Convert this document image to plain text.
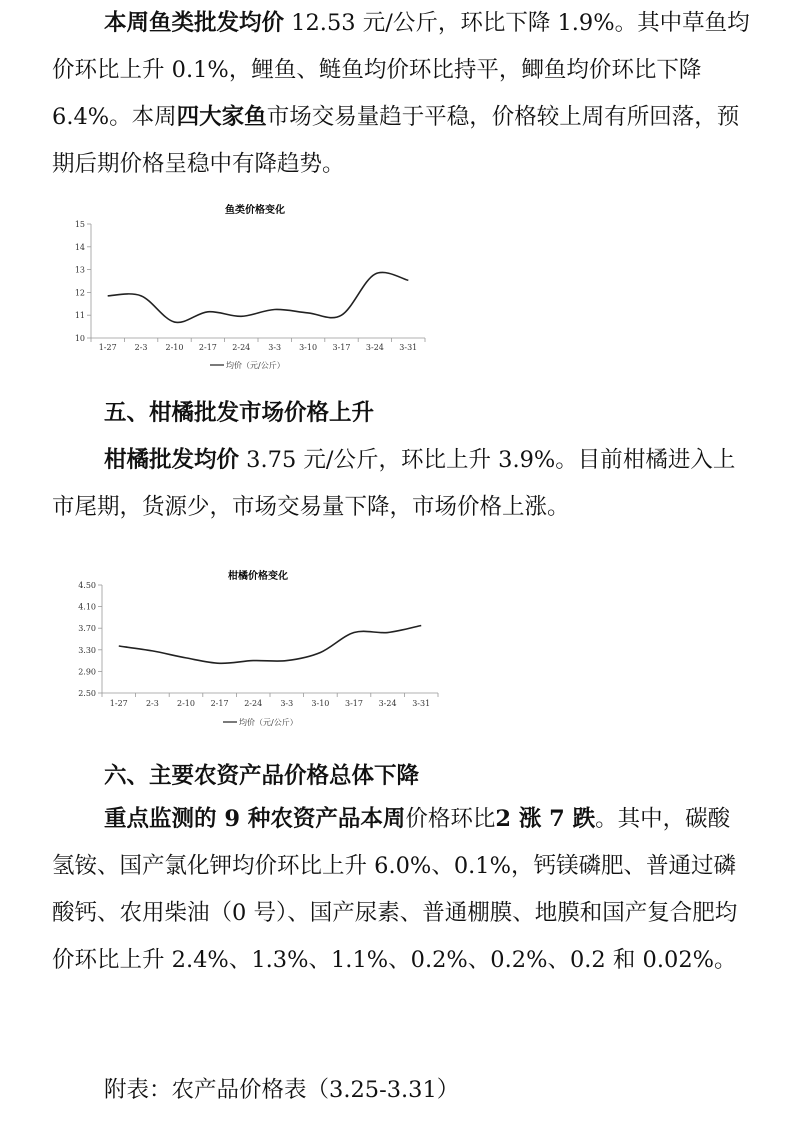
本周鱼类批发均价 12.53 元/公斤，环比下降 1.9%。其中草鱼均价环比上升 0.1%，鲤鱼、鲢鱼均价环比持平，鲫鱼均价环比下降 6.4%。本周四大家鱼市场交易量趋于平稳，价格较上周有所回落，预期后期价格呈稳中有降趋势。

鱼类价格变化
10
11
12
13
14
15
1-27 2-3 2-10 2-17 2-24 3-3 3-10 3-17 3-24 3-31
均价（元/公斤）

五、柑橘批发市场价格上升

柑橘批发均价 3.75 元/公斤，环比上升 3.9%。目前柑橘进入上市尾期，货源少，市场交易量下降，市场价格上涨。

柑橘价格变化
2.50
2.90
3.30
3.70
4.10
4.50
1-27 2-3 2-10 2-17 2-24 3-3 3-10 3-17 3-24 3-31
均价（元/公斤）

六、主要农资产品价格总体下降

重点监测的 9 种农资产品本周价格环比2 涨 7 跌。其中，碳酸氢铵、国产氯化钾均价环比上升 6.0%、0.1%，钙镁磷肥、普通过磷酸钙、农用柴油（0 号）、国产尿素、普通棚膜、地膜和国产复合肥均价环比上升 2.4%、1.3%、1.1%、0.2%、0.2%、0.2 和 0.02%。

附表：农产品价格表（3.25-3.31）
